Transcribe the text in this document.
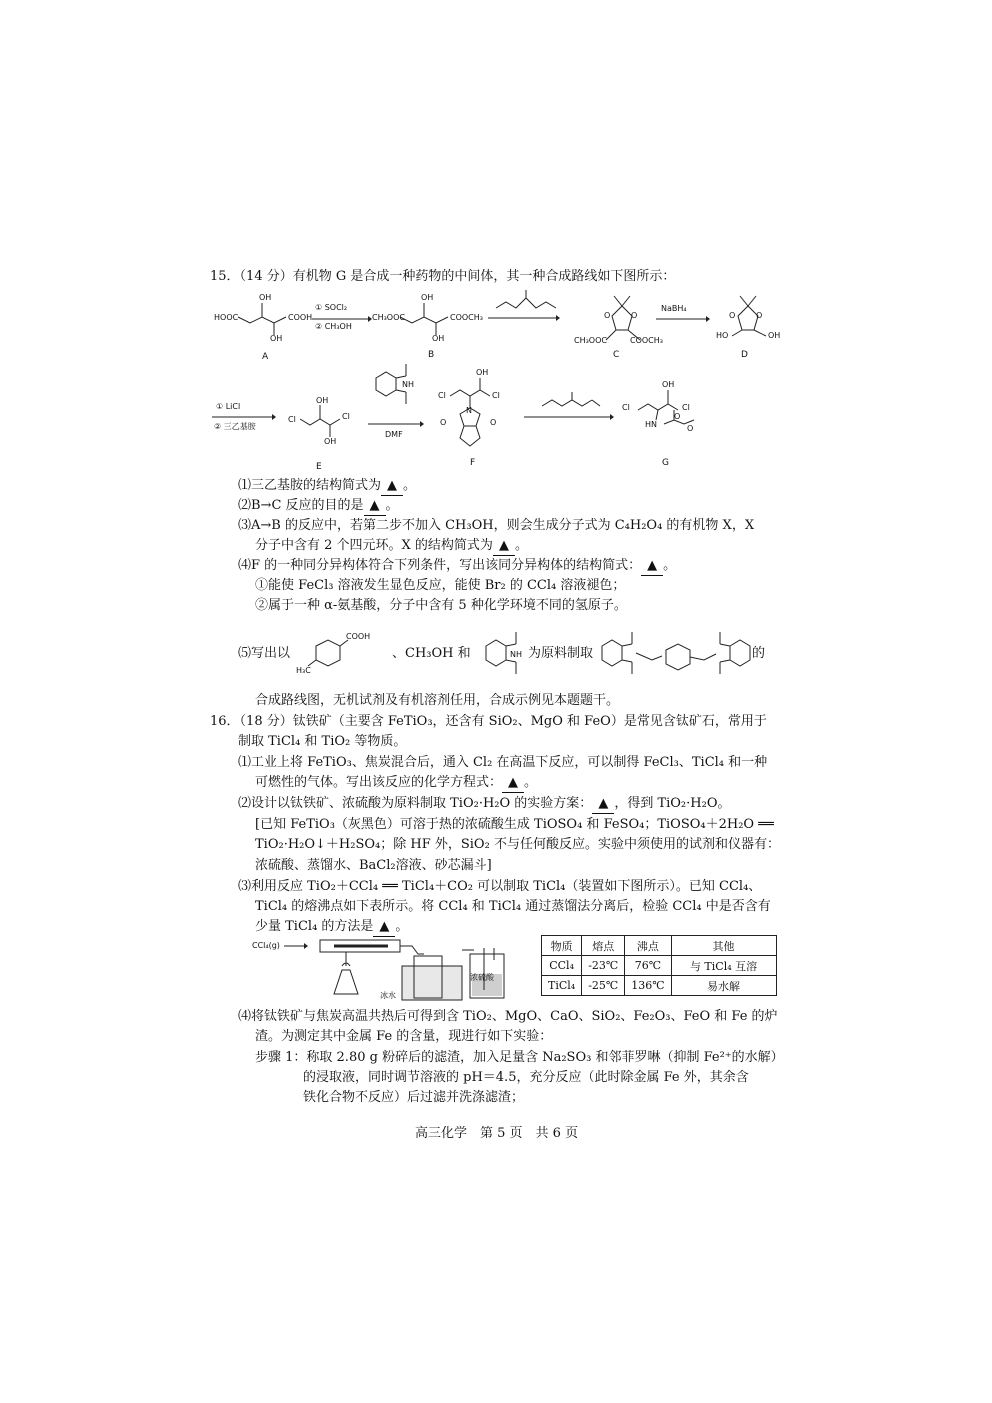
15．（14 分）有机物 G 是合成一种药物的中间体，其一种合成路线如下图所示：
HOOC	COOH
OH
OH
A
① SOCl₂
② CH₃OH
CH₃OOC	COOCH₃
OH
OH
B
O	O
CH₃OOC	COOCH₃
C
NaBH₄
O	O
HO	OH
D
① LiCl
② 三乙基胺
Cl	Cl
OH
OH
E
NH
DMF
Cl	Cl
OH
N
O	O
F
Cl	Cl
OH
HN
O
O
G
⑴三乙基胺的结构简式为 ▲ 。
⑵B→C 反应的目的是 ▲ 。
⑶A→B 的反应中，若第二步不加入 CH₃OH，则会生成分子式为 C₄H₂O₄ 的有机物 X，X
分子中含有 2 个四元环。X 的结构简式为 ▲ 。
⑷F 的一种同分异构体符合下列条件，写出该同分异构体的结构简式： ▲ 。
①能使 FeCl₃ 溶液发生显色反应，能使 Br₂ 的 CCl₄ 溶液褪色；
②属于一种 α-氨基酸，分子中含有 5 种化学环境不同的氢原子。
⑸写出以
COOH
H₃C
、CH₃OH 和	NH 为原料制取	的
合成路线图，无机试剂及有机溶剂任用，合成示例见本题题干。
16．（18 分）钛铁矿（主要含 FeTiO₃，还含有 SiO₂、MgO 和 FeO）是常见含钛矿石，常用于
制取 TiCl₄ 和 TiO₂ 等物质。
⑴工业上将 FeTiO₃、焦炭混合后，通入 Cl₂ 在高温下反应，可以制得 FeCl₃、TiCl₄ 和一种
可燃性的气体。写出该反应的化学方程式： ▲ 。
⑵设计以钛铁矿、浓硫酸为原料制取 TiO₂·H₂O 的实验方案： ▲ ，得到 TiO₂·H₂O。
[已知 FeTiO₃（灰黑色）可溶于热的浓硫酸生成 TiOSO₄ 和 FeSO₄；TiOSO₄＋2H₂O ══
TiO₂·H₂O↓＋H₂SO₄；除 HF 外，SiO₂ 不与任何酸反应。实验中须使用的试剂和仪器有：
浓硫酸、蒸馏水、BaCl₂溶液、砂芯漏斗]
⑶利用反应 TiO₂＋CCl₄ ══ TiCl₄＋CO₂ 可以制取 TiCl₄（装置如下图所示）。已知 CCl₄、
TiCl₄ 的熔沸点如下表所示。将 CCl₄ 和 TiCl₄ 通过蒸馏法分离后，检验 CCl₄ 中是否含有
少量 TiCl₄ 的方法是 ▲ 。
CCl₄(g)
冰水
浓硫酸
物质	熔点	沸点	其他
CCl₄	-23℃	76℃	与 TiCl₄ 互溶
TiCl₄	-25℃	136℃	易水解
⑷将钛铁矿与焦炭高温共热后可得到含 TiO₂、MgO、CaO、SiO₂、Fe₂O₃、FeO 和 Fe 的炉
渣。为测定其中金属 Fe 的含量，现进行如下实验：
步骤 1：称取 2.80 g 粉碎后的滤渣，加入足量含 Na₂SO₃ 和邻菲罗啉（抑制 Fe²⁺的水解）
的浸取液，同时调节溶液的 pH＝4.5，充分反应（此时除金属 Fe 外，其余含
铁化合物不反应）后过滤并洗涤滤渣；
高三化学　第 5 页　共 6 页
